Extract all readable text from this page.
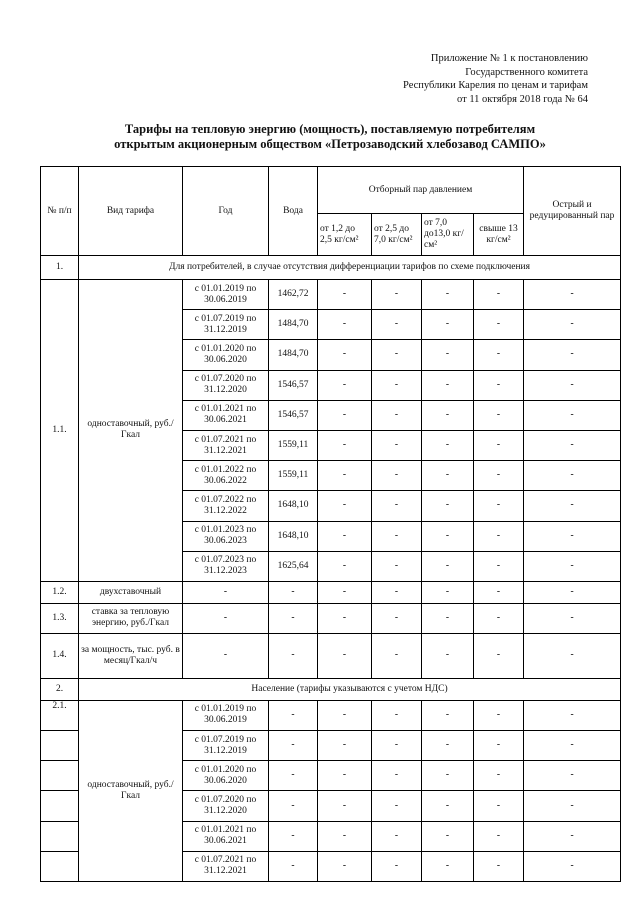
Приложение № 1 к постановлению
Государственного комитета
Республики Карелия по ценам и тарифам
от 11 октября 2018 года № 64
Тарифы на тепловую энергию (мощность), поставляемую потребителям
открытым акционерным обществом «Петрозаводский хлебозавод САМПО»
№ п/п	Вид тарифа	Год	Вода	Отборный пар давлением				Острый и редуцированный пар
				от 1,2 до 2,5 кг/см²	от 2,5 до 7,0 кг/см²	от 7,0 до13,0 кг/см²	свыше 13 кг/см²	
1.	Для потребителей, в случае отсутствия дифференциации тарифов по схеме подключения							
1.1.	одноставочный, руб./Гкал	с 01.01.2019 по 30.06.2019	1462,72	-	-	-	-	-
		с 01.07.2019 по 31.12.2019	1484,70	-	-	-	-	-
		с 01.01.2020 по 30.06.2020	1484,70	-	-	-	-	-
		с 01.07.2020 по 31.12.2020	1546,57	-	-	-	-	-
		с 01.01.2021 по 30.06.2021	1546,57	-	-	-	-	-
		с 01.07.2021 по 31.12.2021	1559,11	-	-	-	-	-
		с 01.01.2022 по 30.06.2022	1559,11	-	-	-	-	-
		с 01.07.2022 по 31.12.2022	1648,10	-	-	-	-	-
		с 01.01.2023 по 30.06.2023	1648,10	-	-	-	-	-
		с 01.07.2023 по 31.12.2023	1625,64	-	-	-	-	-
1.2.	двухставочный	-	-	-	-	-	-	-
1.3.	ставка за тепловую энергию, руб./Гкал	-	-	-	-	-	-	-
1.4.	за мощность, тыс. руб. в месяц/Гкал/ч	-	-	-	-	-	-	-
2.	Население (тарифы указываются с учетом НДС)							
2.1.	одноставочный, руб./Гкал	с 01.01.2019 по 30.06.2019	-	-	-	-	-	-
		с 01.07.2019 по 31.12.2019	-	-	-	-	-	-
		с 01.01.2020 по 30.06.2020	-	-	-	-	-	-
		с 01.07.2020 по 31.12.2020	-	-	-	-	-	-
		с 01.01.2021 по 30.06.2021	-	-	-	-	-	-
		с 01.07.2021 по 31.12.2021	-	-	-	-	-	-
